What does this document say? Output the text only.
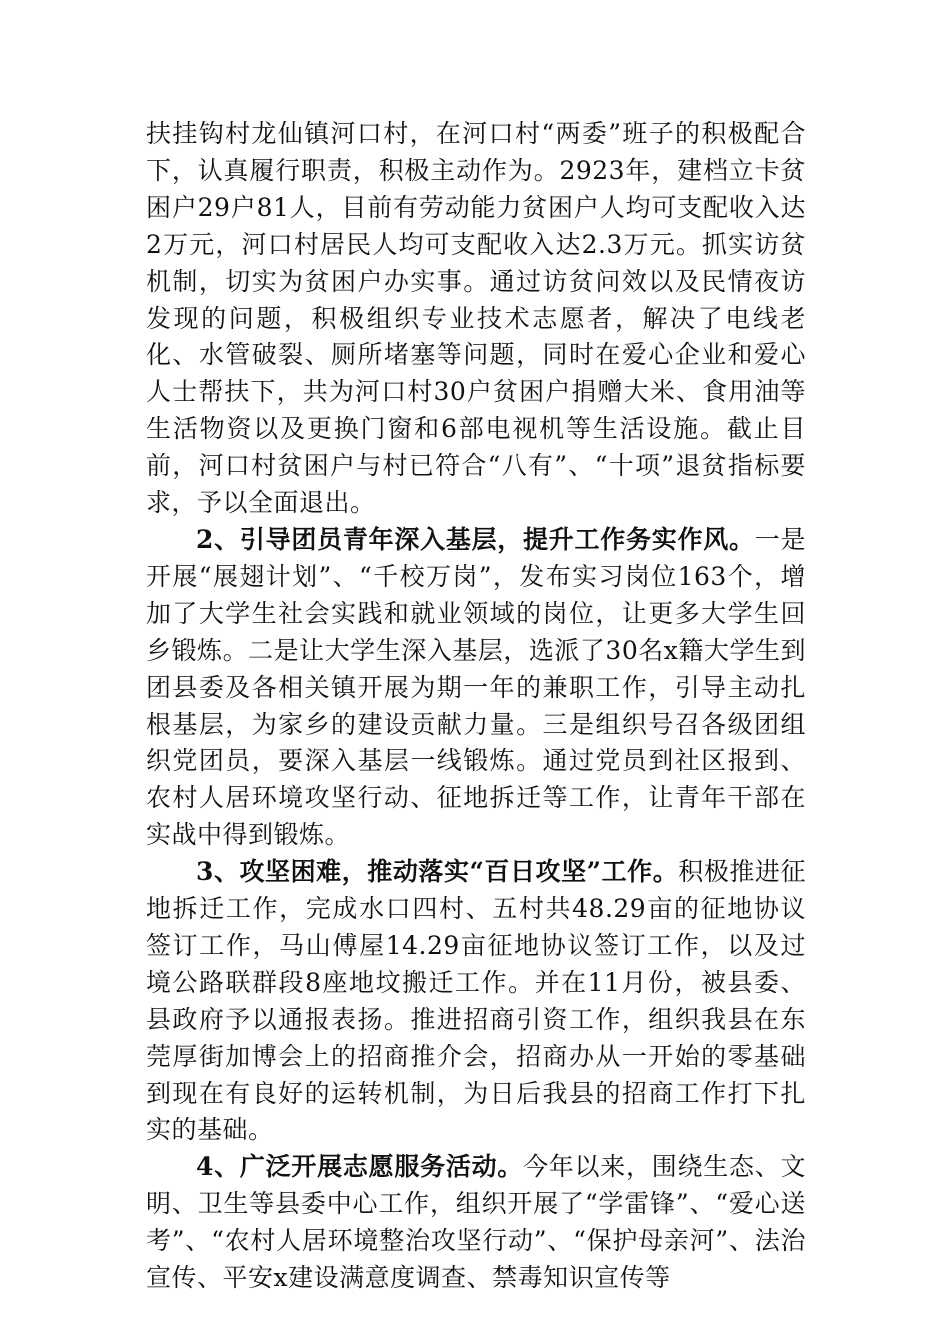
扶挂钩村龙仙镇河口村，在河口村“两委”班子的积极配合下，认真履行职责，积极主动作为。2923年，建档立卡贫困户29户81人，目前有劳动能力贫困户人均可支配收入达2万元，河口村居民人均可支配收入达2.3万元。抓实访贫机制，切实为贫困户办实事。通过访贫问效以及民情夜访发现的问题，积极组织专业技术志愿者，解决了电线老化、水管破裂、厕所堵塞等问题，同时在爱心企业和爱心人士帮扶下，共为河口村30户贫困户捐赠大米、食用油等生活物资以及更换门窗和6部电视机等生活设施。截止目前，河口村贫困户与村已符合“八有”、“十项”退贫指标要求，予以全面退出。

2、引导团员青年深入基层，提升工作务实作风。一是开展“展翅计划”、“千校万岗”，发布实习岗位163个，增加了大学生社会实践和就业领域的岗位，让更多大学生回乡锻炼。二是让大学生深入基层，选派了30名x籍大学生到团县委及各相关镇开展为期一年的兼职工作，引导主动扎根基层，为家乡的建设贡献力量。三是组织号召各级团组织党团员，要深入基层一线锻炼。通过党员到社区报到、农村人居环境攻坚行动、征地拆迁等工作，让青年干部在实战中得到锻炼。

3、攻坚困难，推动落实“百日攻坚”工作。积极推进征地拆迁工作，完成水口四村、五村共48.29亩的征地协议签订工作，马山傅屋14.29亩征地协议签订工作，以及过境公路联群段8座地坟搬迁工作。并在11月份，被县委、县政府予以通报表扬。推进招商引资工作，组织我县在东莞厚街加博会上的招商推介会，招商办从一开始的零基础到现在有良好的运转机制，为日后我县的招商工作打下扎实的基础。

4、广泛开展志愿服务活动。今年以来，围绕生态、文明、卫生等县委中心工作，组织开展了“学雷锋”、“爱心送考”、“农村人居环境整治攻坚行动”、“保护母亲河”、法治宣传、平安x建设满意度调查、禁毒知识宣传等
